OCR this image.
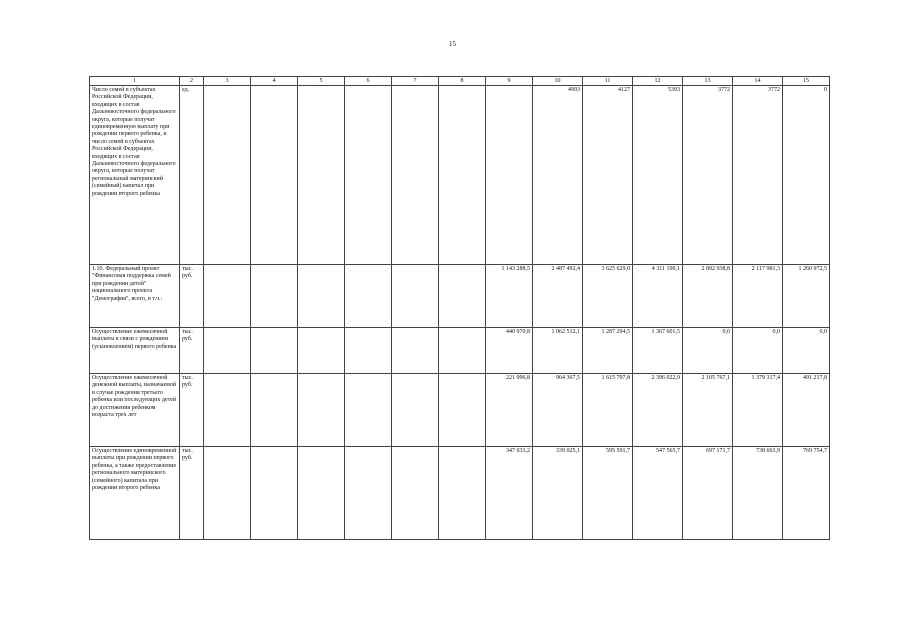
15
1	2	3	4	5	6	7	8	9	10	11	12	13	14	15
Число семей в субъектах Российской Федерации, входящих в состав Дальневосточного федерального округа, которые получат единовременную выплату при рождении первого ребенка, и число семей в субъектах Российской Федерации, входящих в состав Дальневосточного федерального округа, которые получат региональный материнский (семейный) капитал при рождении второго ребенка	ед.								4993	4127	5393	3772	3772	0
1.10. Федеральный проект "Финансовая поддержка семей при рождении детей" национального проекта "Демография", всего, в т.ч.:	тыс. руб.							1 143 288,5	2 487 492,4	3 625 629,0	4 311 190,1	2 892 938,8	2 117 981,3	1 260 972,5
Осуществление ежемесячной выплаты в связи с рождением (усыновлением) первого ребенка	тыс. руб.							440 970,8	1 062 512,1	1 287 294,5	1 367 601,5	0,0	0,0	0,0
Осуществление ежемесячной денежной выплаты, назначаемой в случае рождения третьего ребенка или последующих детей до достижения ребенком возраста трех лет	тыс. руб.							221 996,8	964 367,5	1 615 797,8	2 396 022,9	2 105 767,1	1 379 317,4	491 217,8
Осуществление единовременной выплаты при рождении первого ребенка, а также предоставление регионального материнского (семейного) капитала при рождении второго ребенка	тыс. руб.							347 033,2	339 025,1	595 591,7	547 565,7	697 171,7	738 663,9	769 754,7
